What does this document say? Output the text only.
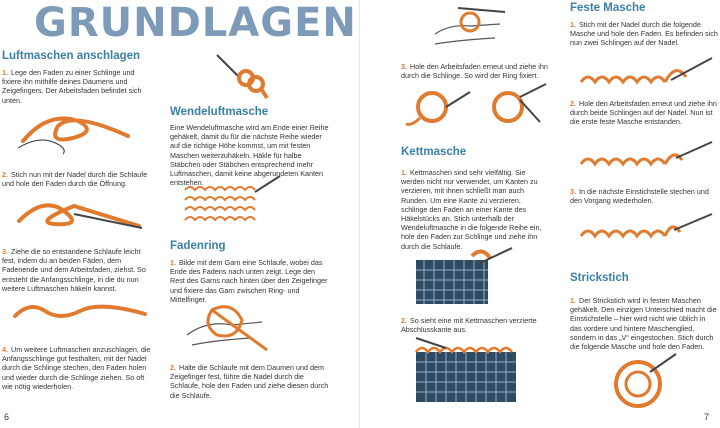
GRUNDLAGEN
Luftmaschen anschlagen
1. Lege den Faden zu einer Schlinge und fixiere ihn mithilfe deines Daumens und Zeigefingers. Der Arbeitsfaden befindet sich unten.
2. Stich nun mit der Nadel durch die Schlaufe und hole den Faden durch die Öffnung.
3. Ziehe die so entstandene Schlaufe leicht fest, indem du an beiden Fäden, dem Fadenende und dem Arbeitsfaden, ziehst. So entsteht die Anfangsschlinge, in die du nun weitere Luftmaschen häkeln kannst.
4. Um weitere Luftmaschen anzuschlagen, die Anfangsschlinge gut festhalten, mit der Nadel durch die Schlinge stechen, den Faden holen und wieder durch die Schlinge ziehen. So oft wie nötig wiederholen.
6
Wendeluftmasche
Eine Wendeluftmasche wird am Ende einer Reihe gehäkelt, damit du für die nächste Reihe wieder auf die richtige Höhe kommst, um mit festen Maschen weiterzuhäkeln. Häkle für halbe Stäbchen oder Stäbchen entsprechend mehr Luftmaschen, damit keine abgerundeten Kanten entstehen.
Fadenring
1. Bilde mit dem Garn eine Schlaufe, wobei das Ende des Fadens nach unten zeigt. Lege den Rest des Garns nach hinten über den Zeigefinger und fixiere das Garn zwischen Ring- und Mittelfinger.
2. Halte die Schlaufe mit dem Daumen und dem Zeigefinger fest, führe die Nadel durch die Schlaufe, hole den Faden und ziehe diesen durch die Schlaufe.
3. Hole den Arbeitsfaden erneut und ziehe ihn durch die Schlinge. So wird der Ring fixiert.
Kettmasche
1. Kettmaschen sind sehr vielfältig. Sie werden nicht nur verwendet, um Kanten zu verzieren, mit ihnen schließt man auch Runden. Um eine Kante zu verzieren, schlinge den Faden an einer Kante des Häkelstücks an. Stich unterhalb der Wendeluftmasche in die folgende Reihe ein, hole den Faden zur Schlinge und ziehe ihn durch die Schlaufe.
2. So sieht eine mit Kettmaschen verzierte Abschlusskante aus.
Feste Masche
1. Stich mit der Nadel durch die folgende Masche und hole den Faden. Es befinden sich nun zwei Schlingen auf der Nadel.
2. Hole den Arbeitsfaden erneut und ziehe ihn durch beide Schlingen auf der Nadel. Nun ist die erste feste Masche entstanden.
3. In die nächste Einstichstelle stechen und den Vorgang wiederholen.
Strickstich
1. Der Strickstich wird in festen Maschen gehäkelt. Den einzigen Unterschied macht die Einstichstelle – hier wird nicht wie üblich in das vordere und hintere Maschenglied, sondern in das „V“ eingestochen. Stich durch die folgende Masche und hole den Faden.
7
